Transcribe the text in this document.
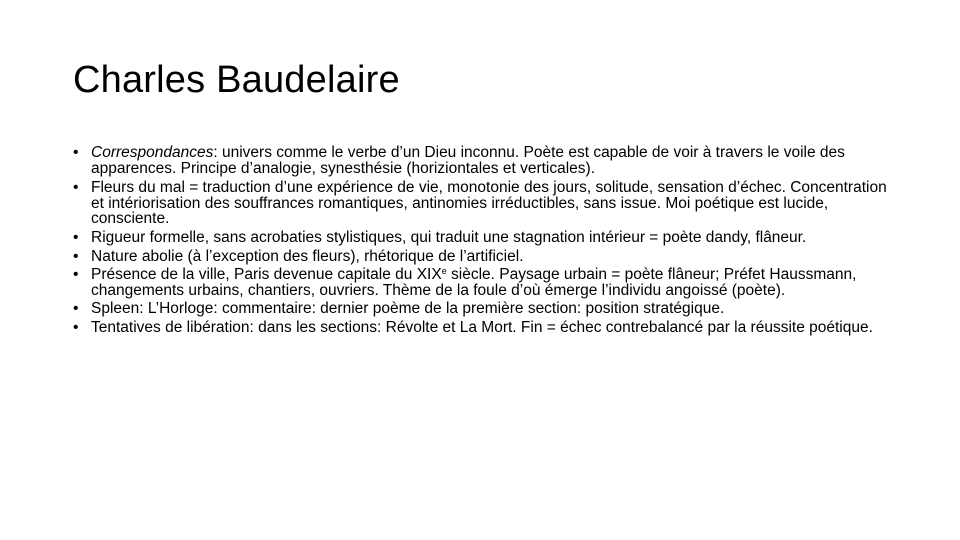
Charles Baudelaire
• Correspondances: univers comme le verbe d’un Dieu inconnu. Poète est capable de voir à travers le voile des apparences. Principe d’analogie, synesthésie (horiziontales et verticales).
• Fleurs du mal = traduction d’une expérience de vie, monotonie des jours, solitude, sensation d’échec. Concentration et intériorisation des souffrances romantiques, antinomies irréductibles, sans issue. Moi poétique est lucide, consciente.
• Rigueur formelle, sans acrobaties stylistiques, qui traduit une stagnation intérieur = poète dandy, flâneur.
• Nature abolie (à l’exception des fleurs), rhétorique de l’artificiel.
• Présence de la ville, Paris devenue capitale du XIXe siècle. Paysage urbain = poète flâneur; Préfet Haussmann, changements urbains, chantiers, ouvriers. Thème de la foule d’où émerge l’individu angoissé (poète).
• Spleen: L’Horloge: commentaire: dernier poème de la première section: position stratégique.
• Tentatives de libération: dans les sections: Révolte et La Mort. Fin = échec contrebalancé par la réussite poétique.
